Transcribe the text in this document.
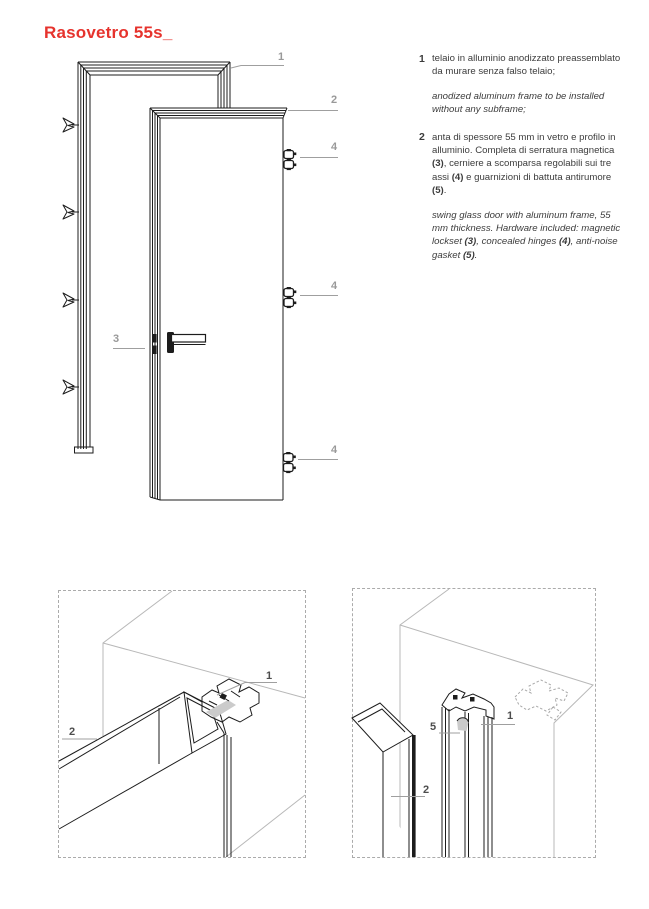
Rasovetro 55s_
1
2
4
4
4
3
1 telaio in alluminio anodizzato preassemblato da murare senza falso telaio;

anodized aluminum frame to be installed without any subframe;

2 anta di spessore 55 mm in vetro e profilo in alluminio. Completa di serratura magnetica (3), cerniere a scomparsa regolabili sui tre assi (4) e guarnizioni di battuta antirumore (5).

swing glass door with aluminum frame, 55 mm thickness. Hardware included: magnetic lockset (3), concealed hinges (4), anti-noise gasket (5).

1
2
1
5
2
